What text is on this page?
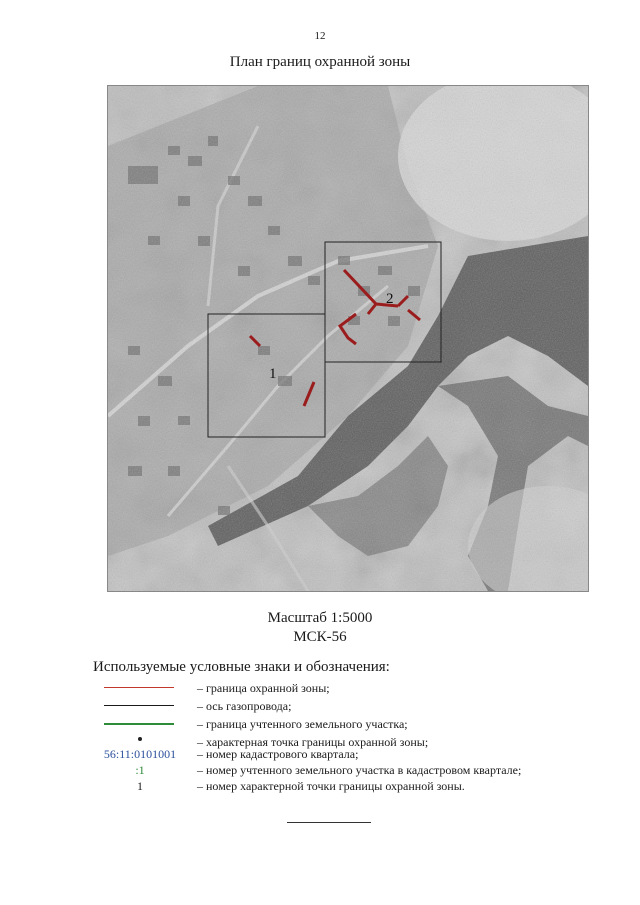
12
План границ охранной зоны
1
2
Масштаб 1:5000
МСК-56
Используемые условные знаки и обозначения:
– граница охранной зоны;
– ось газопровода;
– граница учтенного земельного участка;
– характерная точка границы охранной зоны;
56:11:0101001	– номер кадастрового квартала;
:1	– номер учтенного земельного участка в кадастровом квартале;
1	– номер характерной точки границы охранной зоны.
